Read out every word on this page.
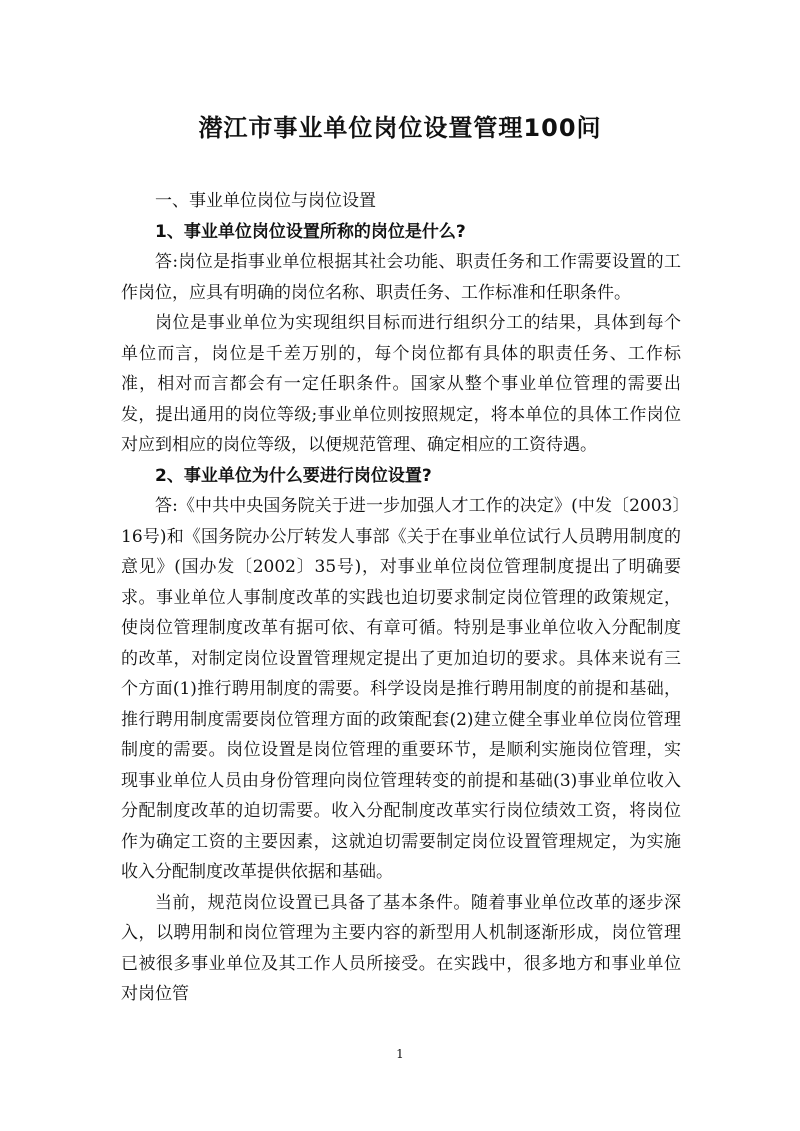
潜江市事业单位岗位设置管理100问

一、事业单位岗位与岗位设置

1、事业单位岗位设置所称的岗位是什么?

答:岗位是指事业单位根据其社会功能、职责任务和工作需要设置的工作岗位，应具有明确的岗位名称、职责任务、工作标准和任职条件。

岗位是事业单位为实现组织目标而进行组织分工的结果，具体到每个单位而言，岗位是千差万别的，每个岗位都有具体的职责任务、工作标准，相对而言都会有一定任职条件。国家从整个事业单位管理的需要出发，提出通用的岗位等级;事业单位则按照规定，将本单位的具体工作岗位对应到相应的岗位等级，以便规范管理、确定相应的工资待遇。

2、事业单位为什么要进行岗位设置?

答:《中共中央国务院关于进一步加强人才工作的决定》(中发〔2003〕16号)和《国务院办公厅转发人事部《关于在事业单位试行人员聘用制度的意见》(国办发〔2002〕35号)，对事业单位岗位管理制度提出了明确要求。事业单位人事制度改革的实践也迫切要求制定岗位管理的政策规定，使岗位管理制度改革有据可依、有章可循。特别是事业单位收入分配制度的改革，对制定岗位设置管理规定提出了更加迫切的要求。具体来说有三个方面(1)推行聘用制度的需要。科学设岗是推行聘用制度的前提和基础，推行聘用制度需要岗位管理方面的政策配套(2)建立健全事业单位岗位管理制度的需要。岗位设置是岗位管理的重要环节，是顺利实施岗位管理，实现事业单位人员由身份管理向岗位管理转变的前提和基础(3)事业单位收入分配制度改革的迫切需要。收入分配制度改革实行岗位绩效工资，将岗位作为确定工资的主要因素，这就迫切需要制定岗位设置管理规定，为实施收入分配制度改革提供依据和基础。

当前，规范岗位设置已具备了基本条件。随着事业单位改革的逐步深入，以聘用制和岗位管理为主要内容的新型用人机制逐渐形成，岗位管理已被很多事业单位及其工作人员所接受。在实践中，很多地方和事业单位对岗位管

1
